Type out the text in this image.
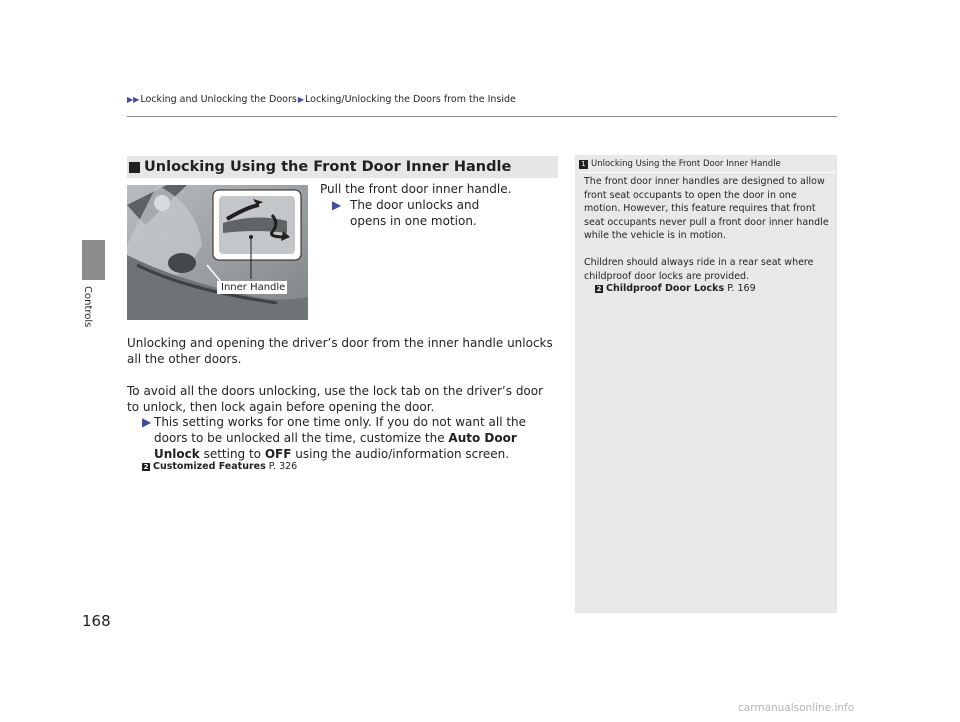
▶▶ Locking and Unlocking the Doors ▶ Locking/Unlocking the Doors from the Inside
Controls
168
Unlocking Using the Front Door Inner Handle
Inner Handle
Pull the front door inner handle.
▶ The door unlocks and opens in one motion.
Unlocking and opening the driver’s door from the inner handle unlocks all the other doors.
To avoid all the doors unlocking, use the lock tab on the driver’s door to unlock, then lock again before opening the door.
▶ This setting works for one time only. If you do not want all the doors to be unlocked all the time, customize the Auto Door Unlock setting to OFF using the audio/information screen.
2 Customized Features P. 326
1 Unlocking Using the Front Door Inner Handle
The front door inner handles are designed to allow front seat occupants to open the door in one motion. However, this feature requires that front seat occupants never pull a front door inner handle while the vehicle is in motion.
Children should always ride in a rear seat where childproof door locks are provided.
2 Childproof Door Locks P. 169
carmanualsonline.info
